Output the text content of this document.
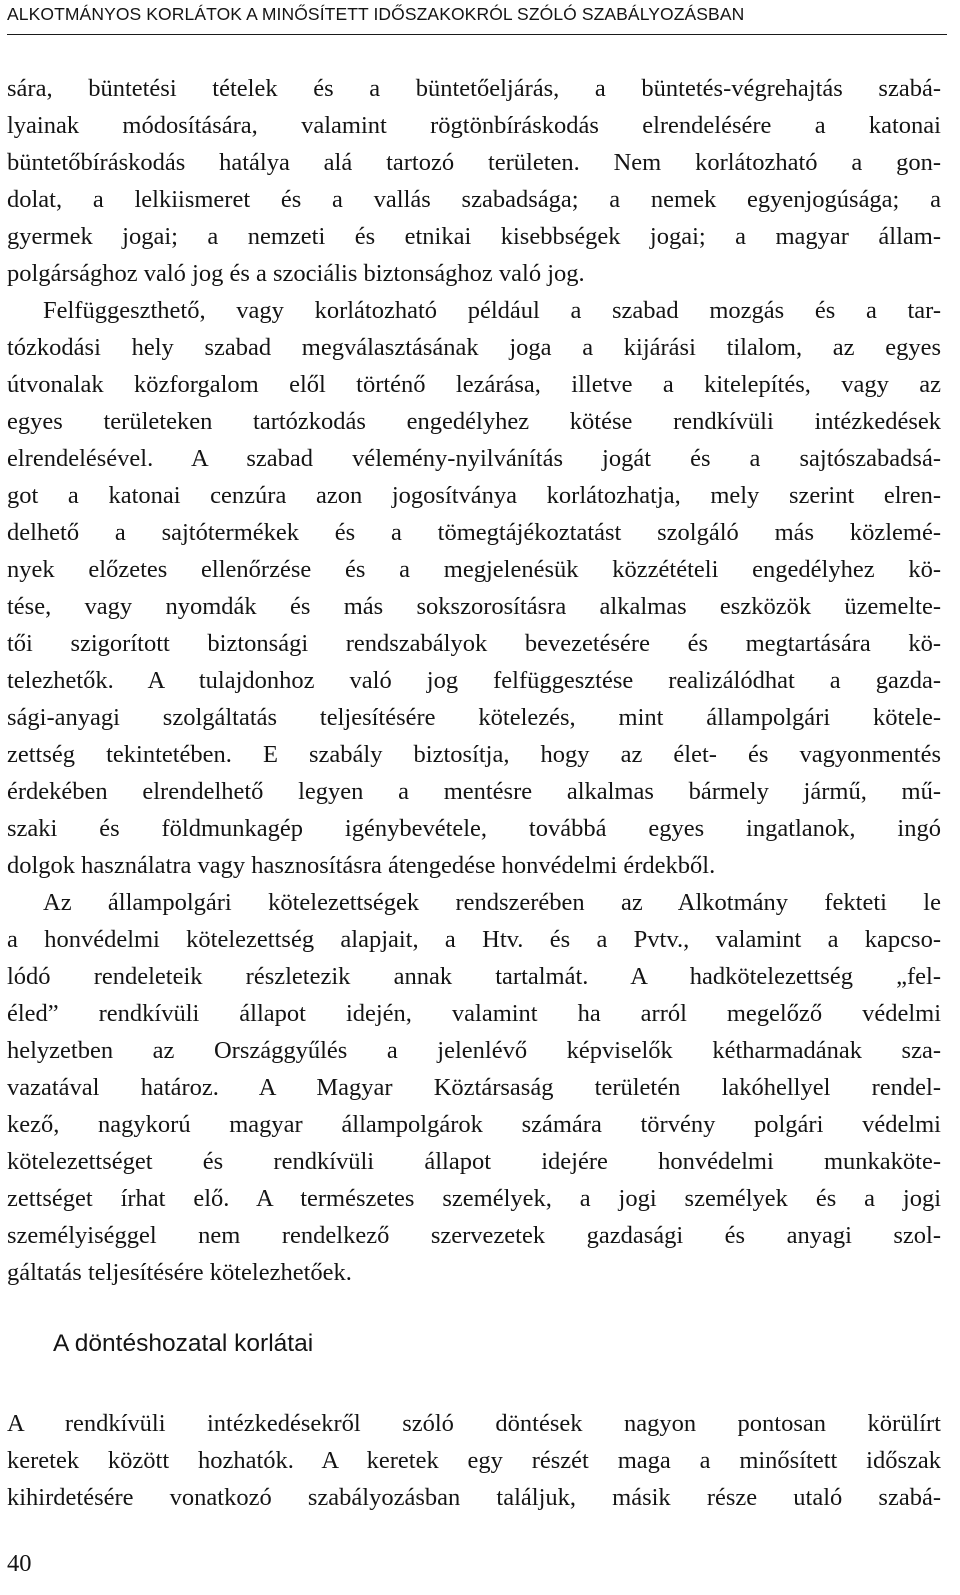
ALKOTMÁNYOS KORLÁTOK A MINŐSÍTETT IDŐSZAKOKRÓL SZÓLÓ SZABÁLYOZÁSBAN
sára, büntetési tételek és a büntetőeljárás, a büntetés-végrehajtás szabá-
lyainak módosítására, valamint rögtönbíráskodás elrendelésére a katonai
büntetőbíráskodás hatálya alá tartozó területen. Nem korlátozható a gon-
dolat, a lelkiismeret és a vallás szabadsága; a nemek egyenjogúsága; a
gyermek jogai; a nemzeti és etnikai kisebbségek jogai; a magyar állam-
polgársághoz való jog és a szociális biztonsághoz való jog.
Felfüggeszthető, vagy korlátozható például a szabad mozgás és a tar-
tózkodási hely szabad megválasztásának joga a kijárási tilalom, az egyes
útvonalak közforgalom elől történő lezárása, illetve a kitelepítés, vagy az
egyes területeken tartózkodás engedélyhez kötése rendkívüli intézkedések
elrendelésével. A szabad vélemény-nyilvánítás jogát és a sajtószabadsá-
got a katonai cenzúra azon jogosítványa korlátozhatja, mely szerint elren-
delhető a sajtótermékek és a tömegtájékoztatást szolgáló más közlemé-
nyek előzetes ellenőrzése és a megjelenésük közzétételi engedélyhez kö-
tése, vagy nyomdák és más sokszorosításra alkalmas eszközök üzemelte-
tői szigorított biztonsági rendszabályok bevezetésére és megtartására kö-
telezhetők. A tulajdonhoz való jog felfüggesztése realizálódhat a gazda-
sági-anyagi szolgáltatás teljesítésére kötelezés, mint állampolgári kötele-
zettség tekintetében. E szabály biztosítja, hogy az élet- és vagyonmentés
érdekében elrendelhető legyen a mentésre alkalmas bármely jármű, mű-
szaki és földmunkagép igénybevétele, továbbá egyes ingatlanok, ingó
dolgok használatra vagy hasznosításra átengedése honvédelmi érdekből.
Az állampolgári kötelezettségek rendszerében az Alkotmány fekteti le
a honvédelmi kötelezettség alapjait, a Htv. és a Pvtv., valamint a kapcso-
lódó rendeleteik részletezik annak tartalmát. A hadkötelezettség „fel-
éled” rendkívüli állapot idején, valamint ha arról megelőző védelmi
helyzetben az Országgyűlés a jelenlévő képviselők kétharmadának sza-
vazatával határoz. A Magyar Köztársaság területén lakóhellyel rendel-
kező, nagykorú magyar állampolgárok számára törvény polgári védelmi
kötelezettséget és rendkívüli állapot idejére honvédelmi munkaköte-
zettséget írhat elő. A természetes személyek, a jogi személyek és a jogi
személyiséggel nem rendelkező szervezetek gazdasági és anyagi szol-
gáltatás teljesítésére kötelezhetőek.
A döntéshozatal korlátai
A rendkívüli intézkedésekről szóló döntések nagyon pontosan körülírt
keretek között hozhatók. A keretek egy részét maga a minősített időszak
kihirdetésére vonatkozó szabályozásban találjuk, másik része utaló szabá-
40
